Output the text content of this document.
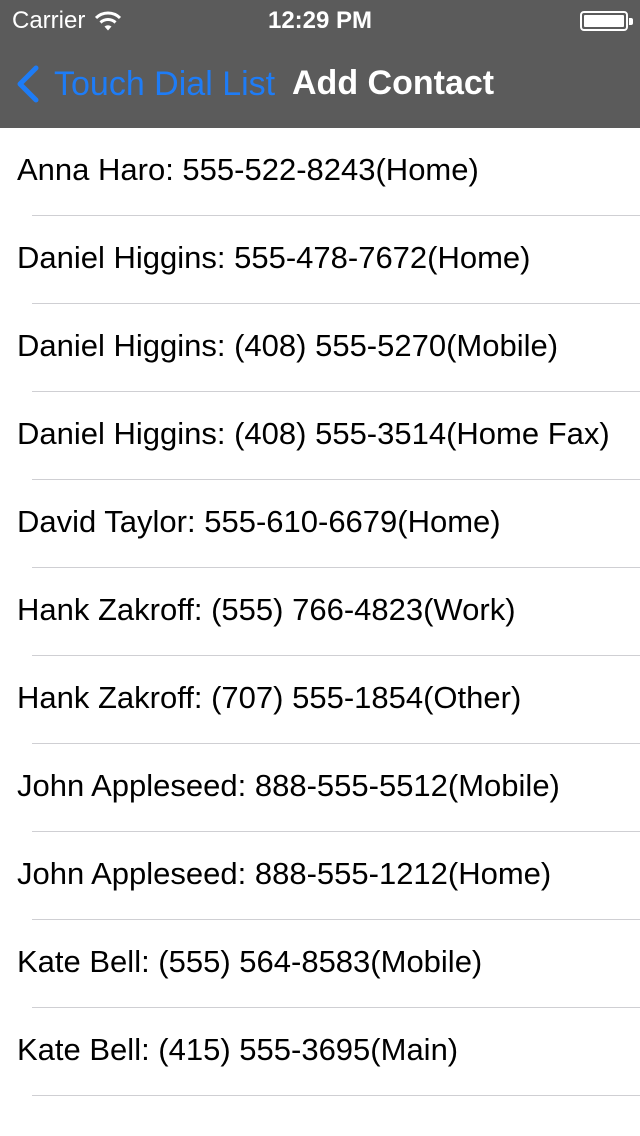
Carrier	12:29 PM
Touch Dial List Add Contact
Anna Haro: 555-522-8243(Home)
Daniel Higgins: 555-478-7672(Home)
Daniel Higgins: (408) 555-5270(Mobile)
Daniel Higgins: (408) 555-3514(Home Fax)
David Taylor: 555-610-6679(Home)
Hank Zakroff: (555) 766-4823(Work)
Hank Zakroff: (707) 555-1854(Other)
John Appleseed: 888-555-5512(Mobile)
John Appleseed: 888-555-1212(Home)
Kate Bell: (555) 564-8583(Mobile)
Kate Bell: (415) 555-3695(Main)
